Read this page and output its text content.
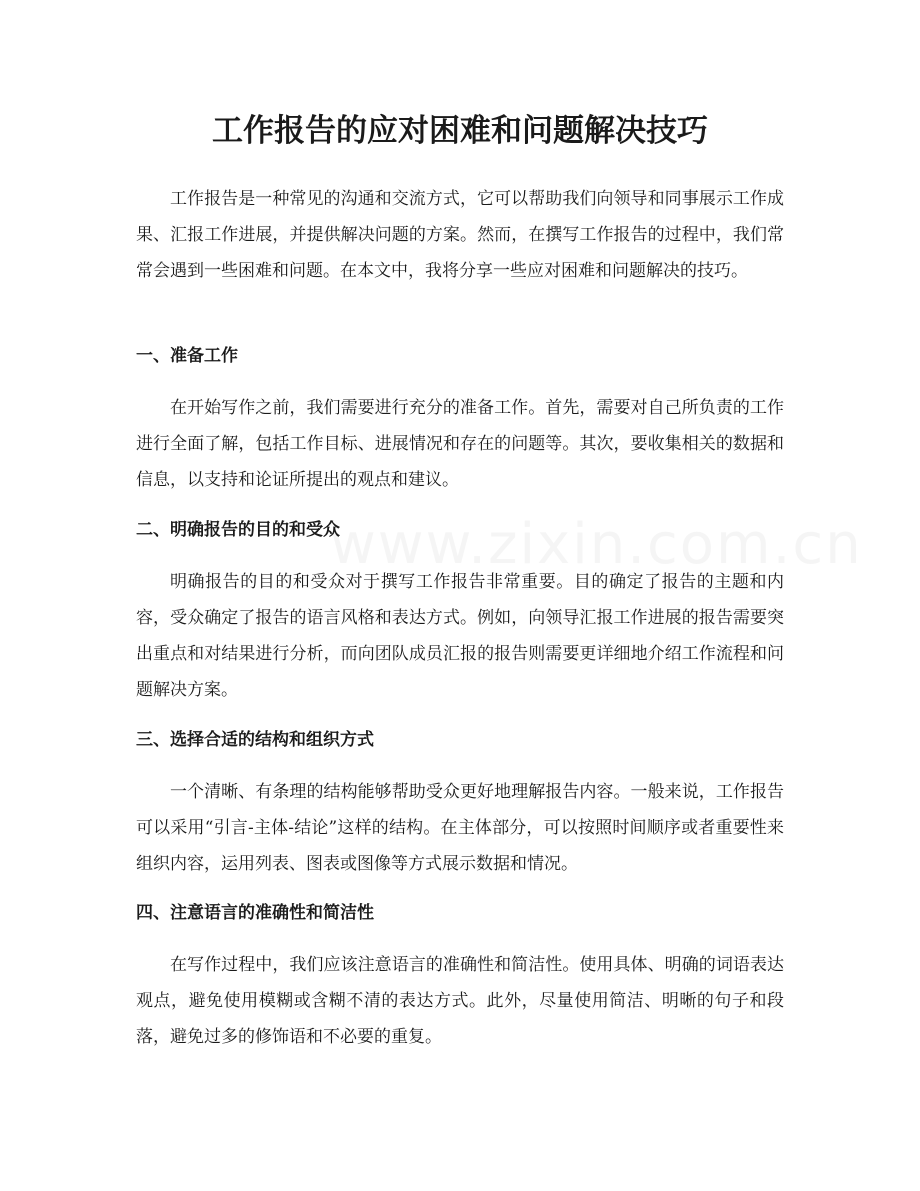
www.zixin.com.cn
工作报告的应对困难和问题解决技巧

工作报告是一种常见的沟通和交流方式，它可以帮助我们向领导和同事展示工作成果、汇报工作进展，并提供解决问题的方案。然而，在撰写工作报告的过程中，我们常常会遇到一些困难和问题。在本文中，我将分享一些应对困难和问题解决的技巧。

一、准备工作

在开始写作之前，我们需要进行充分的准备工作。首先，需要对自己所负责的工作进行全面了解，包括工作目标、进展情况和存在的问题等。其次，要收集相关的数据和信息，以支持和论证所提出的观点和建议。

二、明确报告的目的和受众

明确报告的目的和受众对于撰写工作报告非常重要。目的确定了报告的主题和内容，受众确定了报告的语言风格和表达方式。例如，向领导汇报工作进展的报告需要突出重点和对结果进行分析，而向团队成员汇报的报告则需要更详细地介绍工作流程和问题解决方案。

三、选择合适的结构和组织方式

一个清晰、有条理的结构能够帮助受众更好地理解报告内容。一般来说，工作报告可以采用“引言-主体-结论”这样的结构。在主体部分，可以按照时间顺序或者重要性来组织内容，运用列表、图表或图像等方式展示数据和情况。

四、注意语言的准确性和简洁性

在写作过程中，我们应该注意语言的准确性和简洁性。使用具体、明确的词语表达观点，避免使用模糊或含糊不清的表达方式。此外，尽量使用简洁、明晰的句子和段落，避免过多的修饰语和不必要的重复。
